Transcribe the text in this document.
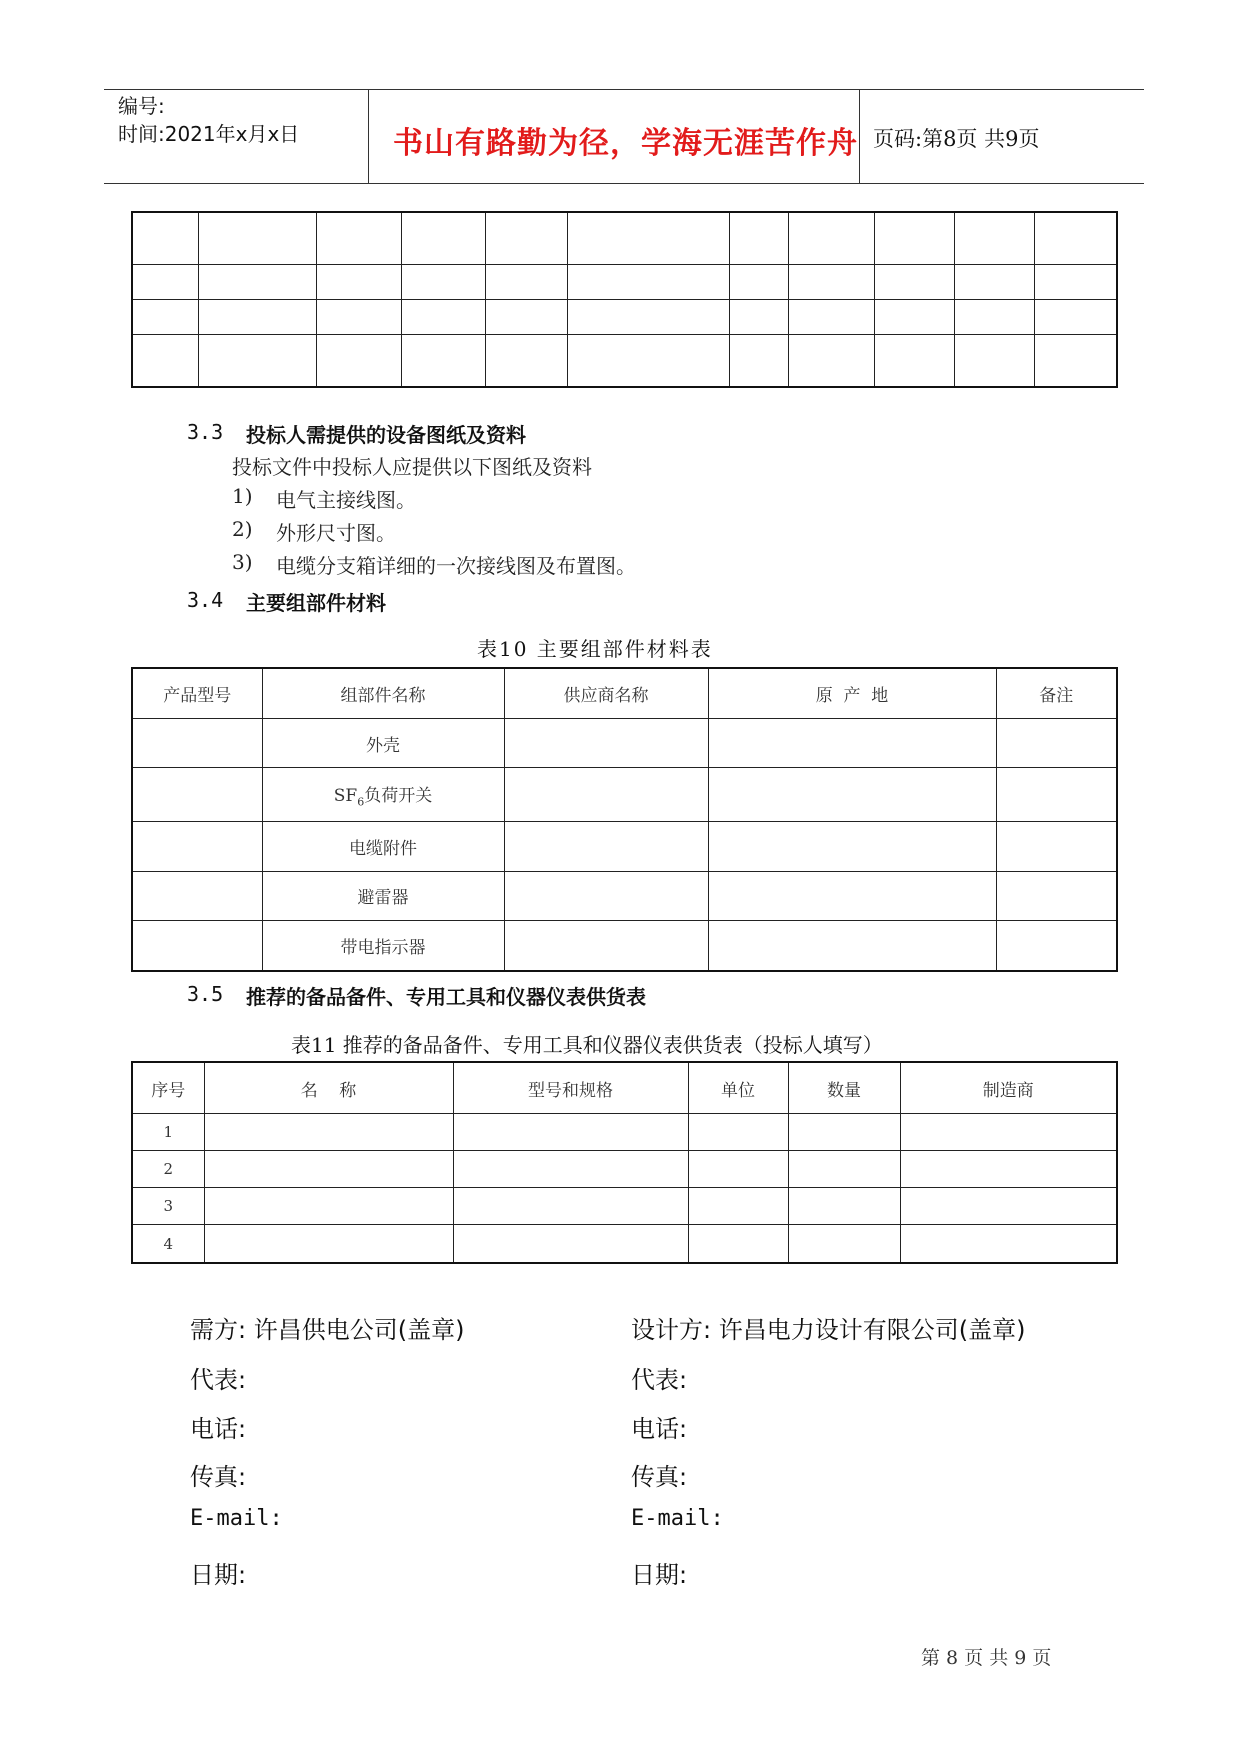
编号:
时间:2021年x月x日	书山有路勤为径，学海无涯苦作舟 页码:第8页 共9页

3.3 投标人需提供的设备图纸及资料
投标文件中投标人应提供以下图纸及资料
1) 电气主接线图。
2) 外形尺寸图。
3) 电缆分支箱详细的一次接线图及布置图。
3.4 主要组部件材料
表10 主要组部件材料表
产品型号	组部件名称	供应商名称	原  产  地	备注
	外壳			
	$SF_6$负荷开关			
	电缆附件			
	避雷器			
	带电指示器			
3.5 推荐的备品备件、专用工具和仪器仪表供货表
表11 推荐的备品备件、专用工具和仪器仪表供货表（投标人填写）
序号	名    称	型号和规格	单位	数量	制造商
1					
2					
3					
4					
需方: 许昌供电公司(盖章)
代表:
电话:
传真:
E-mail:
日期:
设计方: 许昌电力设计有限公司(盖章)
代表:
电话:
传真:
E-mail:
日期:
第 8 页 共 9 页
